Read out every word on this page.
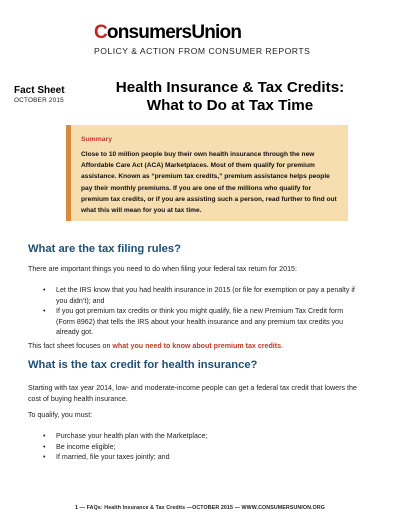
ConsumersUnion
POLICY & ACTION FROM CONSUMER REPORTS
Fact Sheet
OCTOBER 2015
Health Insurance & Tax Credits:
What to Do at Tax Time
Summary
Close to 10 million people buy their own health insurance through the new Affordable Care Act (ACA) Marketplaces. Most of them qualify for premium assistance. Known as “premium tax credits,” premium assistance helps people pay their monthly premiums. If you are one of the millions who qualify for premium tax credits, or if you are assisting such a person, read further to find out what this will mean for you at tax time.
What are the tax filing rules?
There are important things you need to do when filing your federal tax return for 2015:
• Let the IRS know that you had health insurance in 2015 (or file for exemption or pay a penalty if you didn’t); and
• If you got premium tax credits or think you might qualify, file a new Premium Tax Credit form (Form 8962) that tells the IRS about your health insurance and any premium tax credits you already got.
This fact sheet focuses on what you need to know about premium tax credits.
What is the tax credit for health insurance?
Starting with tax year 2014, low- and moderate-income people can get a federal tax credit that lowers the cost of buying health insurance.
To qualify, you must:
• Purchase your health plan with the Marketplace;
• Be income eligible;
• If married, file your taxes jointly; and
1 — FAQs: Health Insurance & Tax Credits —OCTOBER 2015 — WWW.CONSUMERSUNION.ORG
